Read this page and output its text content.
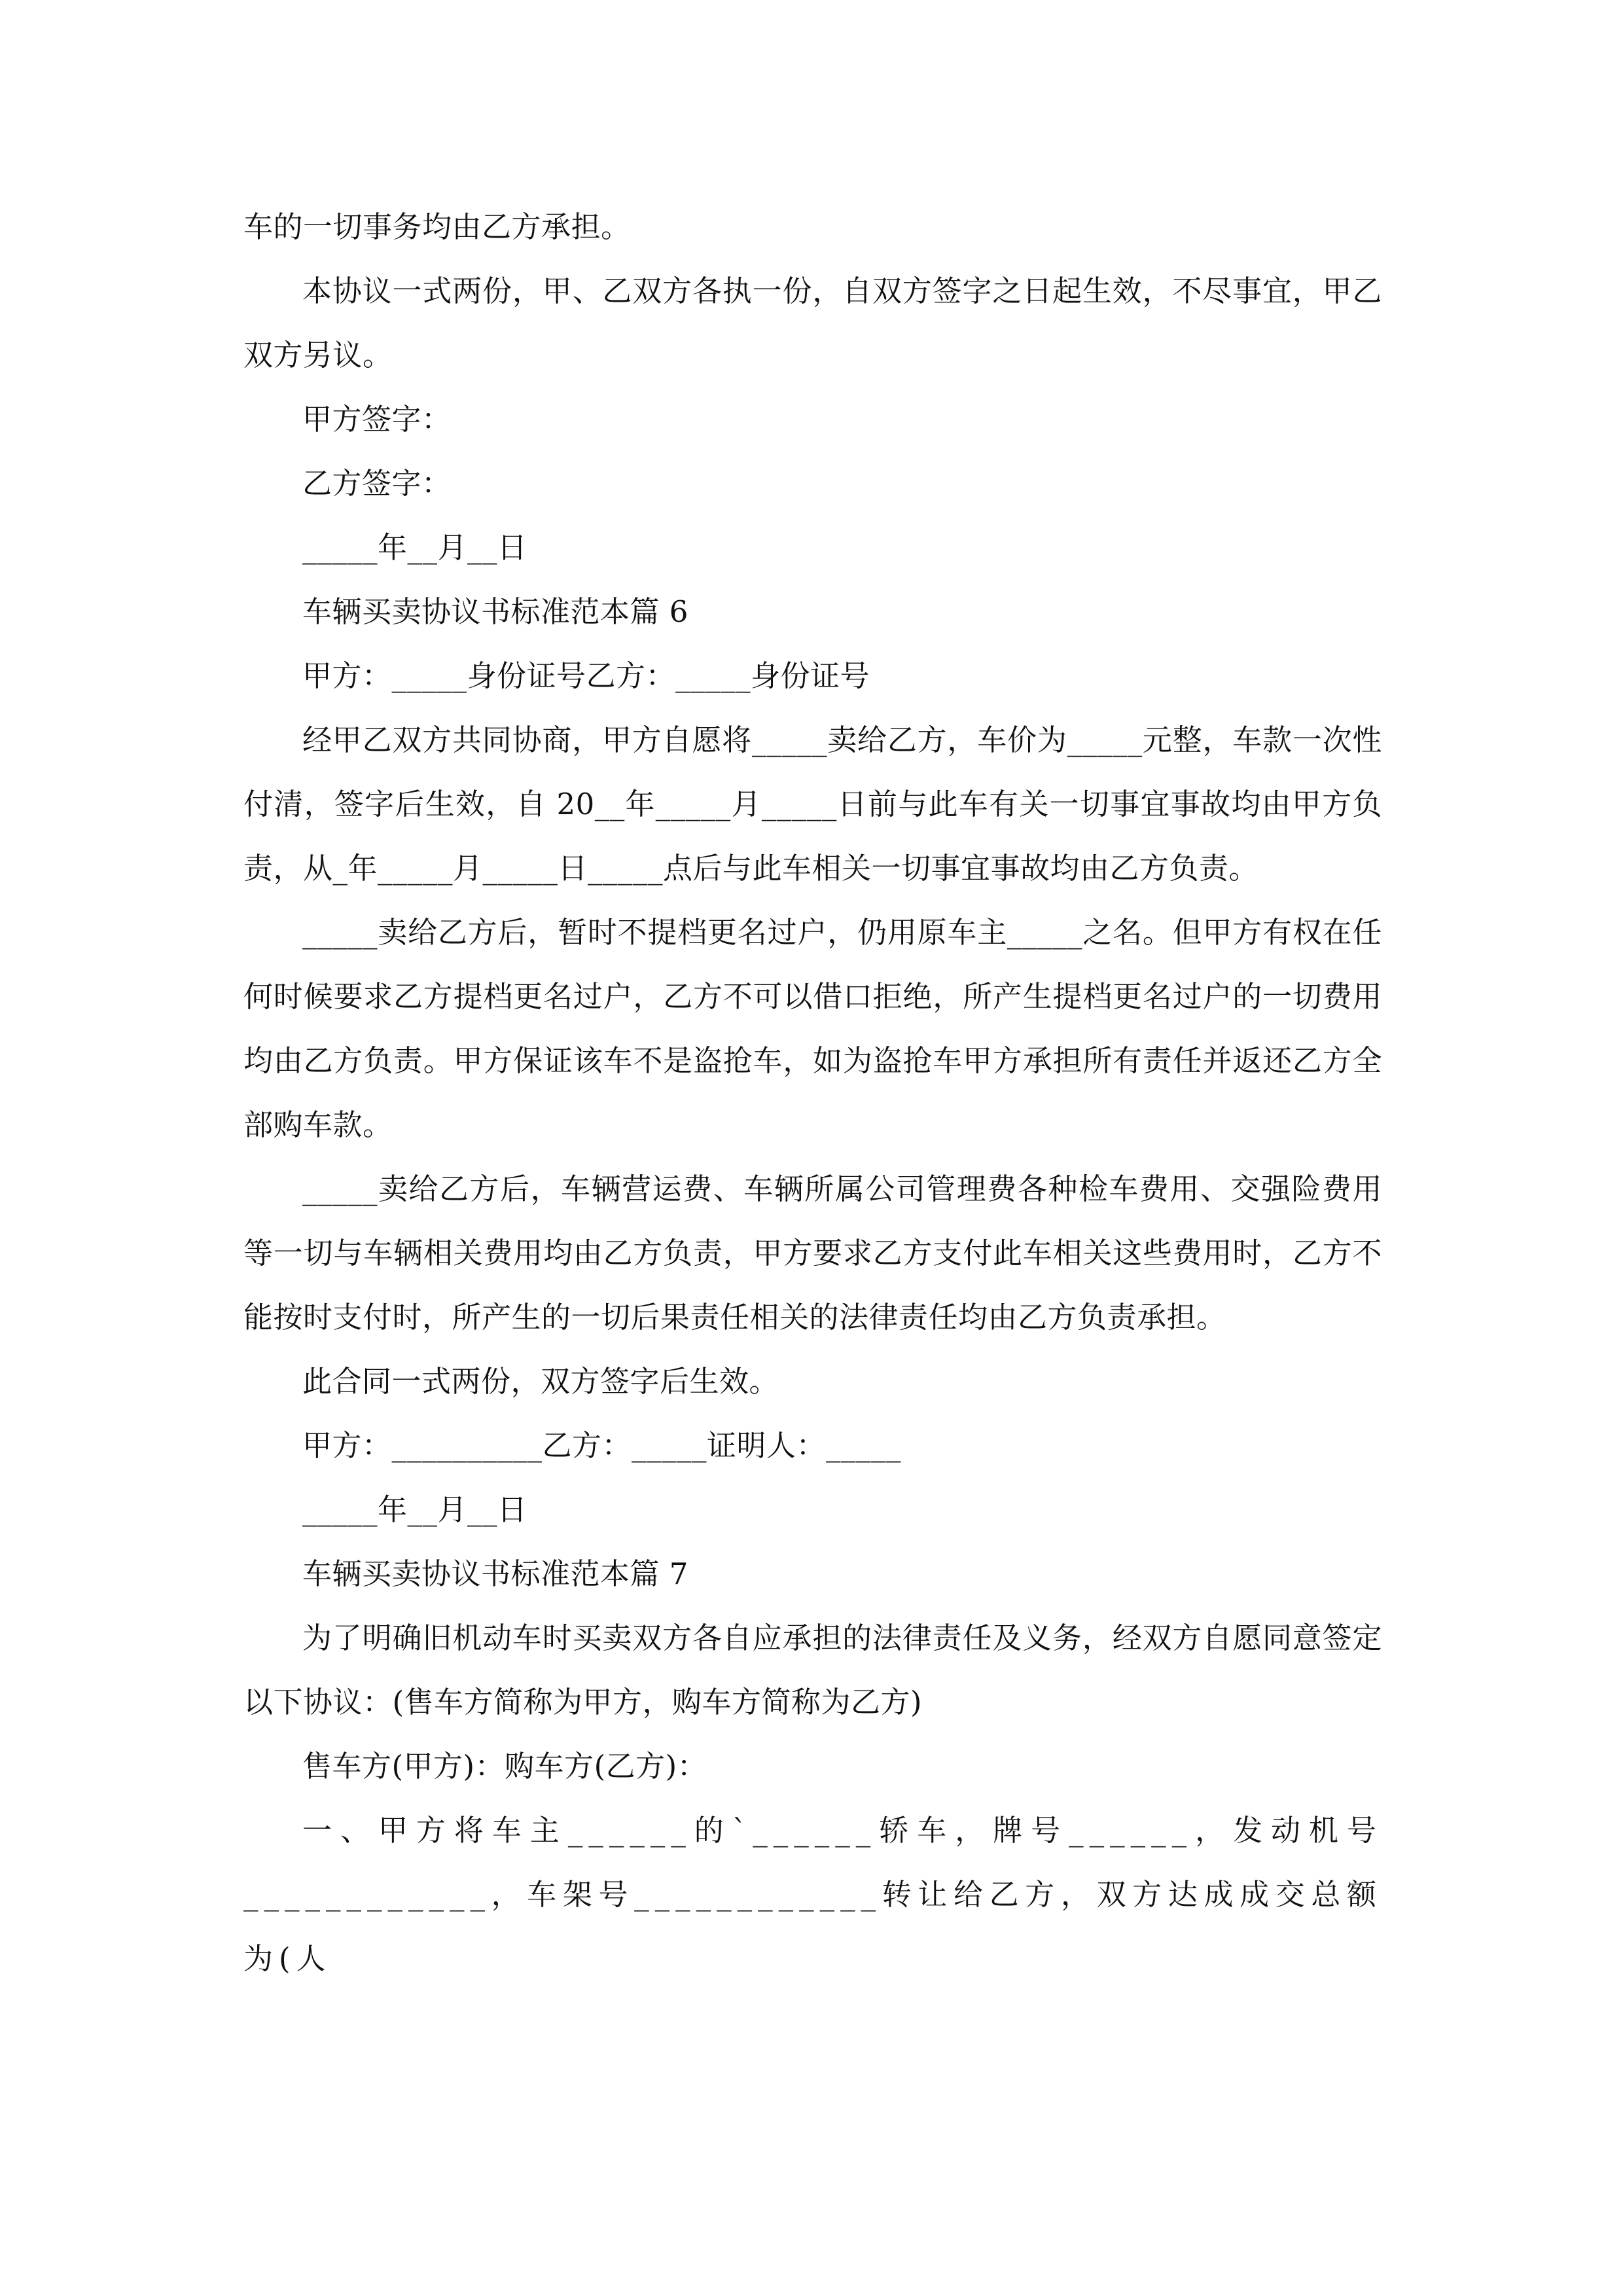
车的一切事务均由乙方承担。

本协议一式两份，甲、乙双方各执一份，自双方签字之日起生效，不尽事宜，甲乙双方另议。

甲方签字：

乙方签字：

_____年__月__日

车辆买卖协议书标准范本篇 6

甲方：_____身份证号乙方：_____身份证号

经甲乙双方共同协商，甲方自愿将_____卖给乙方，车价为_____元整，车款一次性付清，签字后生效，自 20__年_____月_____日前与此车有关一切事宜事故均由甲方负责，从_年_____月_____日_____点后与此车相关一切事宜事故均由乙方负责。

_____卖给乙方后，暂时不提档更名过户，仍用原车主_____之名。但甲方有权在任何时候要求乙方提档更名过户，乙方不可以借口拒绝，所产生提档更名过户的一切费用均由乙方负责。甲方保证该车不是盗抢车，如为盗抢车甲方承担所有责任并返还乙方全部购车款。

_____卖给乙方后，车辆营运费、车辆所属公司管理费各种检车费用、交强险费用等一切与车辆相关费用均由乙方负责，甲方要求乙方支付此车相关这些费用时，乙方不能按时支付时，所产生的一切后果责任相关的法律责任均由乙方负责承担。

此合同一式两份，双方签字后生效。

甲方：__________乙方：_____证明人：_____

_____年__月__日

车辆买卖协议书标准范本篇 7

为了明确旧机动车时买卖双方各自应承担的法律责任及义务，经双方自愿同意签定以下协议：(售车方简称为甲方，购车方简称为乙方)

售车方(甲方)：购车方(乙方)：

一、甲方将车主______的`______轿车，牌号______，发动机号____________，车架号____________转让给乙方，双方达成成交总额为(人
